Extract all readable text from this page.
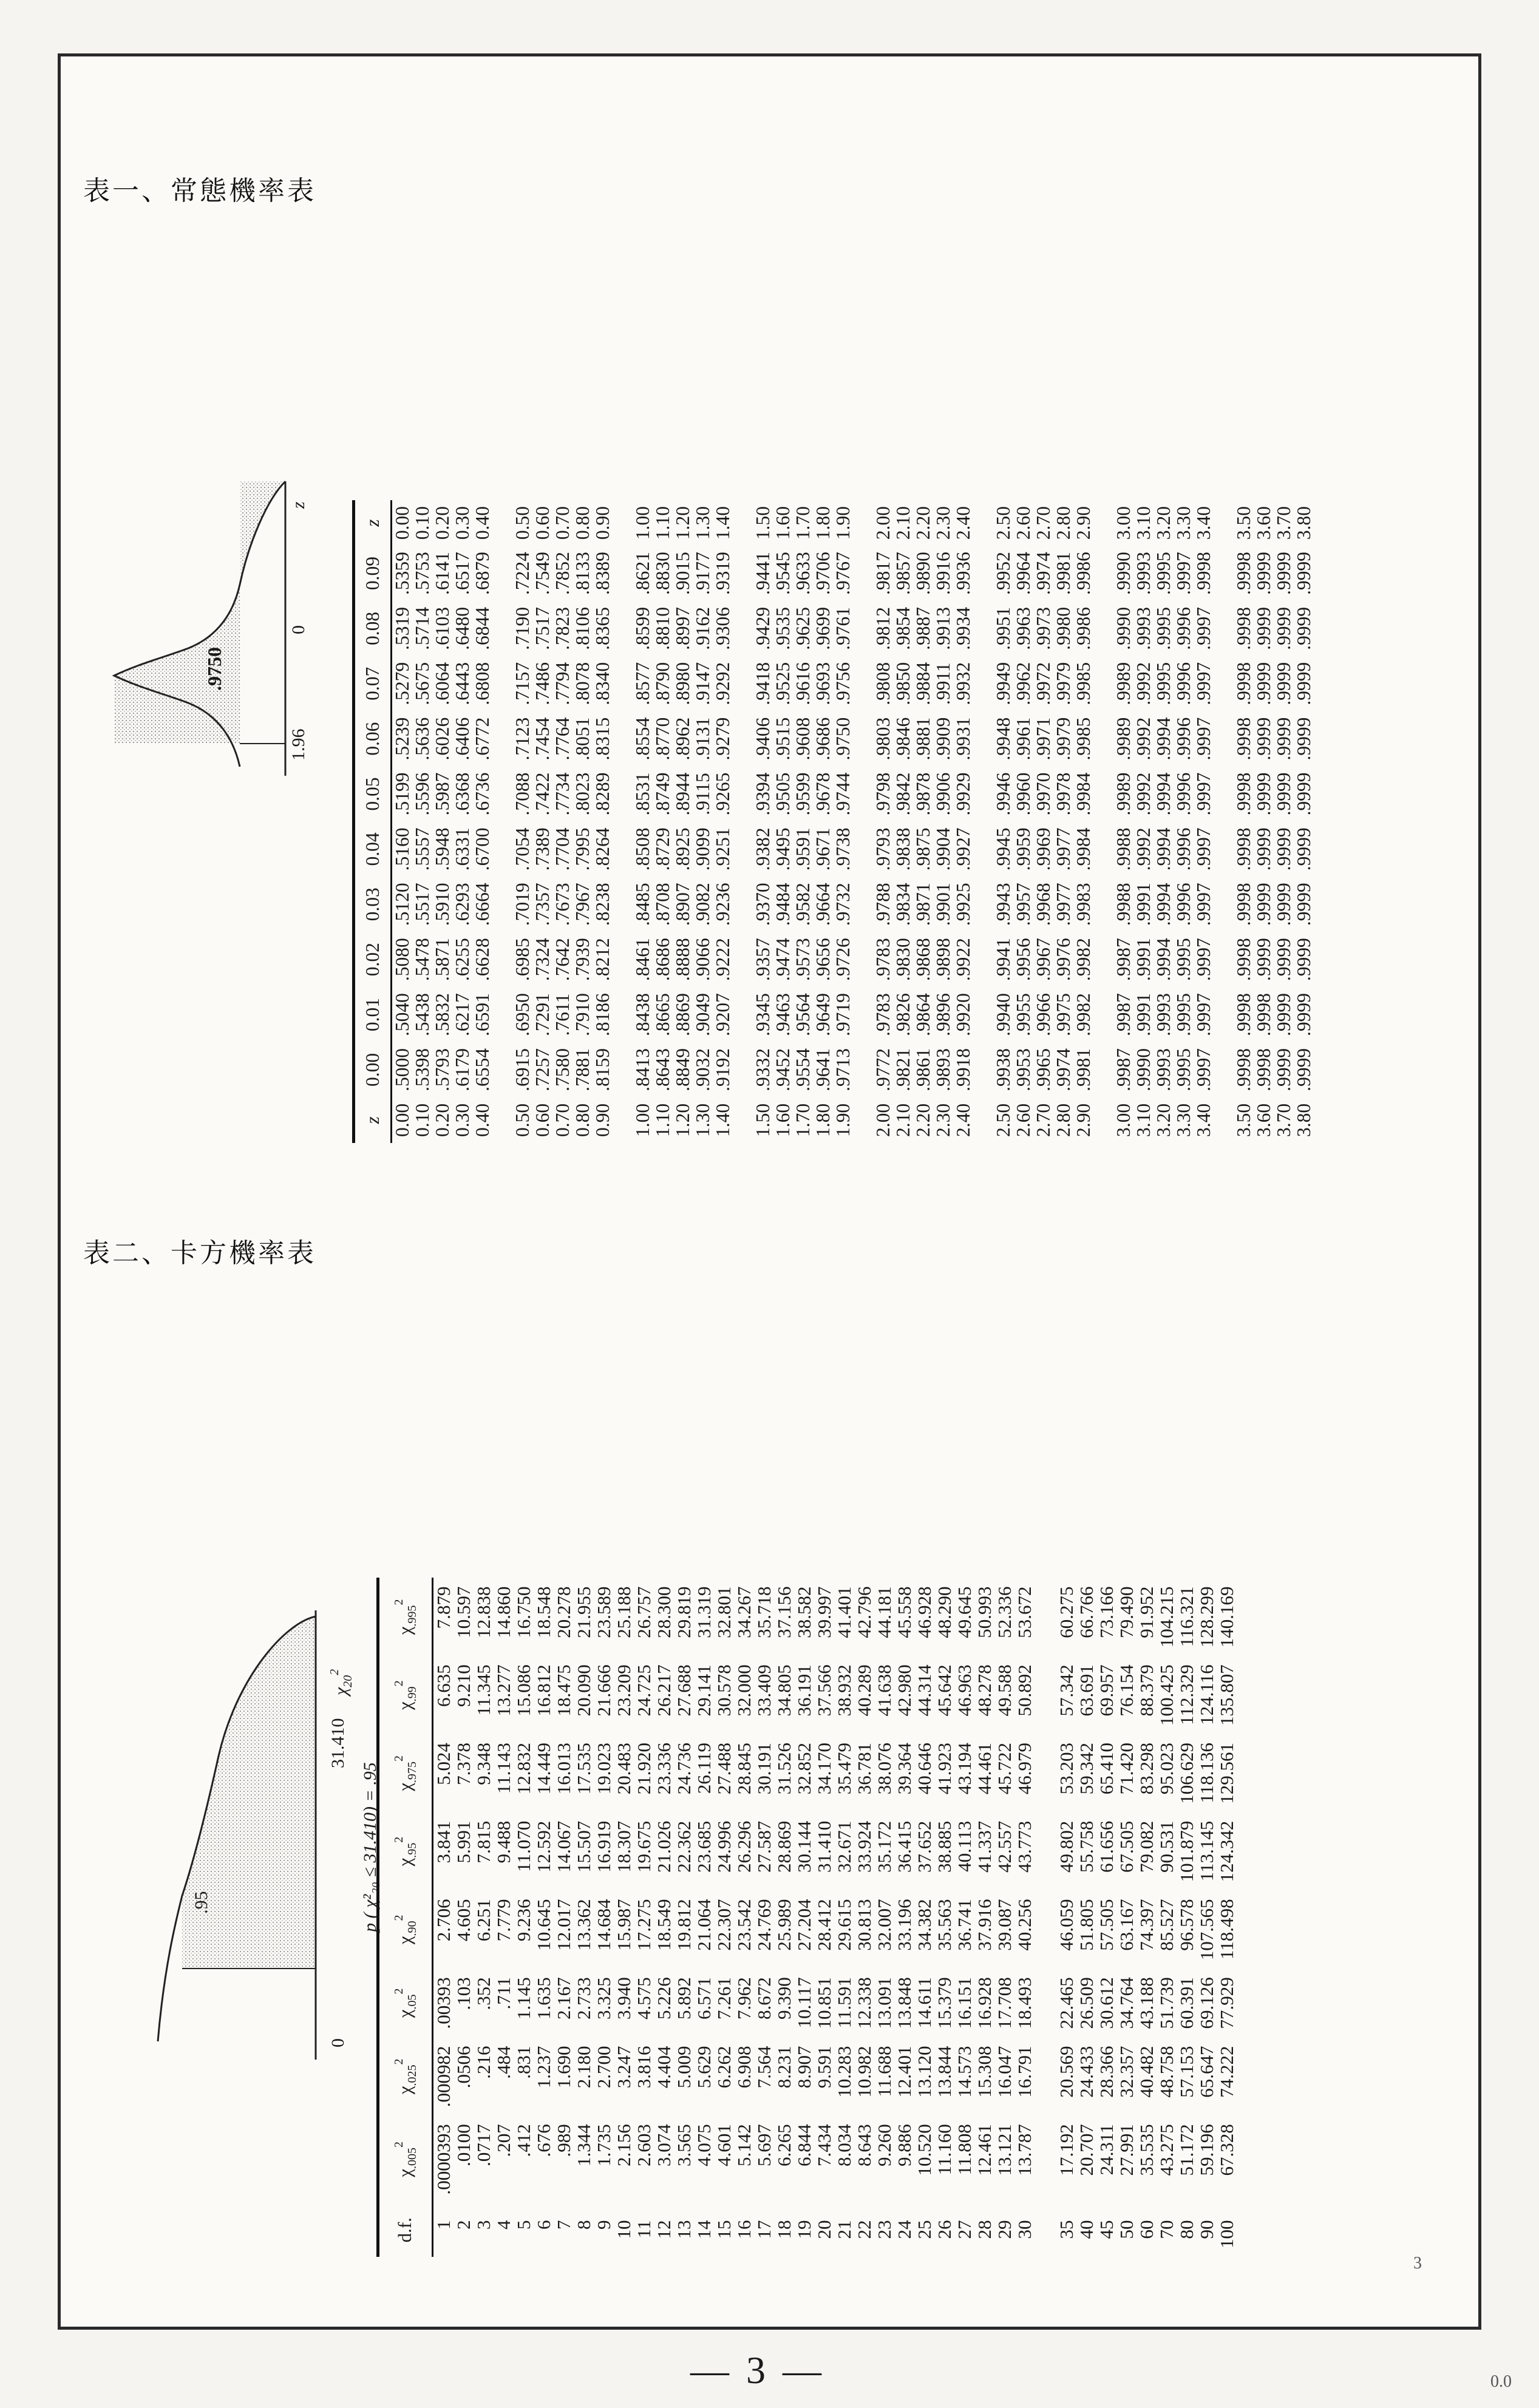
表一、常態機率表
.9750
0
1.96
z
z	0.00	0.01	0.02	0.03	0.04	0.05	0.06	0.07	0.08	0.09	z
0.00	.5000	.5040	.5080	.5120	.5160	.5199	.5239	.5279	.5319	.5359	0.00
0.10	.5398	.5438	.5478	.5517	.5557	.5596	.5636	.5675	.5714	.5753	0.10
0.20	.5793	.5832	.5871	.5910	.5948	.5987	.6026	.6064	.6103	.6141	0.20
0.30	.6179	.6217	.6255	.6293	.6331	.6368	.6406	.6443	.6480	.6517	0.30
0.40	.6554	.6591	.6628	.6664	.6700	.6736	.6772	.6808	.6844	.6879	0.40

0.50	.6915	.6950	.6985	.7019	.7054	.7088	.7123	.7157	.7190	.7224	0.50
0.60	.7257	.7291	.7324	.7357	.7389	.7422	.7454	.7486	.7517	.7549	0.60
0.70	.7580	.7611	.7642	.7673	.7704	.7734	.7764	.7794	.7823	.7852	0.70
0.80	.7881	.7910	.7939	.7967	.7995	.8023	.8051	.8078	.8106	.8133	0.80
0.90	.8159	.8186	.8212	.8238	.8264	.8289	.8315	.8340	.8365	.8389	0.90

1.00	.8413	.8438	.8461	.8485	.8508	.8531	.8554	.8577	.8599	.8621	1.00
1.10	.8643	.8665	.8686	.8708	.8729	.8749	.8770	.8790	.8810	.8830	1.10
1.20	.8849	.8869	.8888	.8907	.8925	.8944	.8962	.8980	.8997	.9015	1.20
1.30	.9032	.9049	.9066	.9082	.9099	.9115	.9131	.9147	.9162	.9177	1.30
1.40	.9192	.9207	.9222	.9236	.9251	.9265	.9279	.9292	.9306	.9319	1.40

1.50	.9332	.9345	.9357	.9370	.9382	.9394	.9406	.9418	.9429	.9441	1.50
1.60	.9452	.9463	.9474	.9484	.9495	.9505	.9515	.9525	.9535	.9545	1.60
1.70	.9554	.9564	.9573	.9582	.9591	.9599	.9608	.9616	.9625	.9633	1.70
1.80	.9641	.9649	.9656	.9664	.9671	.9678	.9686	.9693	.9699	.9706	1.80
1.90	.9713	.9719	.9726	.9732	.9738	.9744	.9750	.9756	.9761	.9767	1.90

2.00	.9772	.9783	.9783	.9788	.9793	.9798	.9803	.9808	.9812	.9817	2.00
2.10	.9821	.9826	.9830	.9834	.9838	.9842	.9846	.9850	.9854	.9857	2.10
2.20	.9861	.9864	.9868	.9871	.9875	.9878	.9881	.9884	.9887	.9890	2.20
2.30	.9893	.9896	.9898	.9901	.9904	.9906	.9909	.9911	.9913	.9916	2.30
2.40	.9918	.9920	.9922	.9925	.9927	.9929	.9931	.9932	.9934	.9936	2.40

2.50	.9938	.9940	.9941	.9943	.9945	.9946	.9948	.9949	.9951	.9952	2.50
2.60	.9953	.9955	.9956	.9957	.9959	.9960	.9961	.9962	.9963	.9964	2.60
2.70	.9965	.9966	.9967	.9968	.9969	.9970	.9971	.9972	.9973	.9974	2.70
2.80	.9974	.9975	.9976	.9977	.9977	.9978	.9979	.9979	.9980	.9981	2.80
2.90	.9981	.9982	.9982	.9983	.9984	.9984	.9985	.9985	.9986	.9986	2.90

3.00	.9987	.9987	.9987	.9988	.9988	.9989	.9989	.9989	.9990	.9990	3.00
3.10	.9990	.9991	.9991	.9991	.9992	.9992	.9992	.9992	.9993	.9993	3.10
3.20	.9993	.9993	.9994	.9994	.9994	.9994	.9994	.9995	.9995	.9995	3.20
3.30	.9995	.9995	.9995	.9996	.9996	.9996	.9996	.9996	.9996	.9997	3.30
3.40	.9997	.9997	.9997	.9997	.9997	.9997	.9997	.9997	.9997	.9998	3.40

3.50	.9998	.9998	.9998	.9998	.9998	.9998	.9998	.9998	.9998	.9998	3.50
3.60	.9998	.9998	.9999	.9999	.9999	.9999	.9999	.9999	.9999	.9999	3.60
3.70	.9999	.9999	.9999	.9999	.9999	.9999	.9999	.9999	.9999	.9999	3.70
3.80	.9999	.9999	.9999	.9999	.9999	.9999	.9999	.9999	.9999	.9999	3.80
表二、卡方機率表
.95
0
31.410
$\chi_{20}^2$
p ( χ²₂₀ ≤ 31.410) = .95
d.f.	$\chi_{.005}^2$	$\chi_{.025}^2$	$\chi_{.05}^2$	$\chi_{.90}^2$	$\chi_{.95}^2$	$\chi_{.975}^2$	$\chi_{.99}^2$	$\chi_{.995}^2$
1	.0000393	.000982	.00393	2.706	3.841	5.024	6.635	7.879
2	.0100	.0506	.103	4.605	5.991	7.378	9.210	10.597
3	.0717	.216	.352	6.251	7.815	9.348	11.345	12.838
4	.207	.484	.711	7.779	9.488	11.143	13.277	14.860
5	.412	.831	1.145	9.236	11.070	12.832	15.086	16.750
6	.676	1.237	1.635	10.645	12.592	14.449	16.812	18.548
7	.989	1.690	2.167	12.017	14.067	16.013	18.475	20.278
8	1.344	2.180	2.733	13.362	15.507	17.535	20.090	21.955
9	1.735	2.700	3.325	14.684	16.919	19.023	21.666	23.589
10	2.156	3.247	3.940	15.987	18.307	20.483	23.209	25.188
11	2.603	3.816	4.575	17.275	19.675	21.920	24.725	26.757
12	3.074	4.404	5.226	18.549	21.026	23.336	26.217	28.300
13	3.565	5.009	5.892	19.812	22.362	24.736	27.688	29.819
14	4.075	5.629	6.571	21.064	23.685	26.119	29.141	31.319
15	4.601	6.262	7.261	22.307	24.996	27.488	30.578	32.801
16	5.142	6.908	7.962	23.542	26.296	28.845	32.000	34.267
17	5.697	7.564	8.672	24.769	27.587	30.191	33.409	35.718
18	6.265	8.231	9.390	25.989	28.869	31.526	34.805	37.156
19	6.844	8.907	10.117	27.204	30.144	32.852	36.191	38.582
20	7.434	9.591	10.851	28.412	31.410	34.170	37.566	39.997
21	8.034	10.283	11.591	29.615	32.671	35.479	38.932	41.401
22	8.643	10.982	12.338	30.813	33.924	36.781	40.289	42.796
23	9.260	11.688	13.091	32.007	35.172	38.076	41.638	44.181
24	9.886	12.401	13.848	33.196	36.415	39.364	42.980	45.558
25	10.520	13.120	14.611	34.382	37.652	40.646	44.314	46.928
26	11.160	13.844	15.379	35.563	38.885	41.923	45.642	48.290
27	11.808	14.573	16.151	36.741	40.113	43.194	46.963	49.645
28	12.461	15.308	16.928	37.916	41.337	44.461	48.278	50.993
29	13.121	16.047	17.708	39.087	42.557	45.722	49.588	52.336
30	13.787	16.791	18.493	40.256	43.773	46.979	50.892	53.672

35	17.192	20.569	22.465	46.059	49.802	53.203	57.342	60.275
40	20.707	24.433	26.509	51.805	55.758	59.342	63.691	66.766
45	24.311	28.366	30.612	57.505	61.656	65.410	69.957	73.166
50	27.991	32.357	34.764	63.167	67.505	71.420	76.154	79.490
60	35.535	40.482	43.188	74.397	79.082	83.298	88.379	91.952
70	43.275	48.758	51.739	85.527	90.531	95.023	100.425	104.215
80	51.172	57.153	60.391	96.578	101.879	106.629	112.329	116.321
90	59.196	65.647	69.126	107.565	113.145	118.136	124.116	128.299
100	67.328	74.222	77.929	118.498	124.342	129.561	135.807	140.169
3
— 3 —	0.0
